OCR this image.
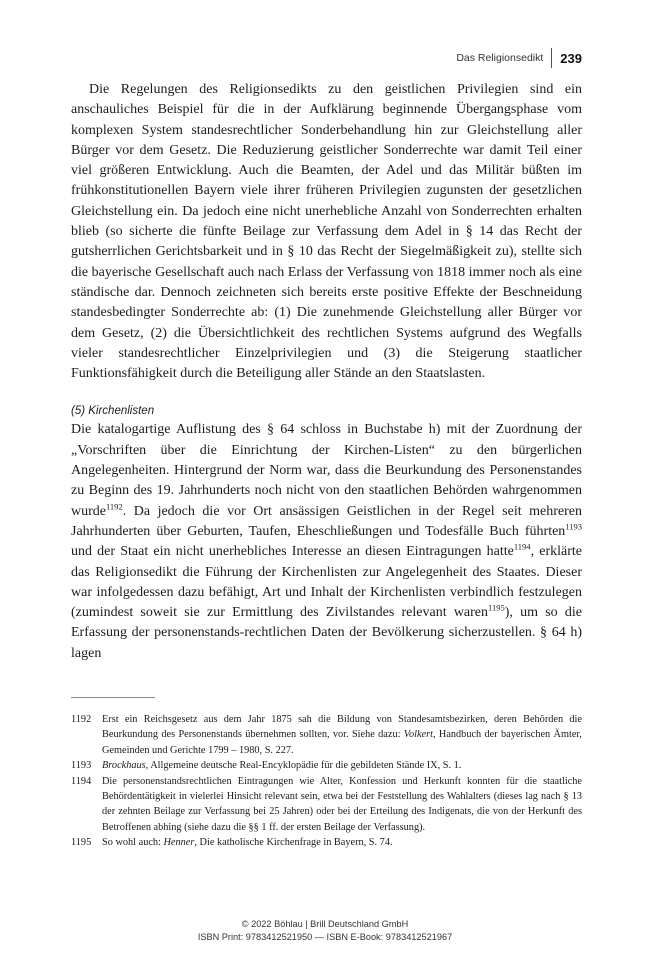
Das Religionsedikt	239

Die Regelungen des Religionsedikts zu den geistlichen Privilegien sind ein anschauliches Beispiel für die in der Aufklärung beginnende Übergangsphase vom komplexen System standesrechtlicher Sonderbehandlung hin zur Gleichstellung aller Bürger vor dem Gesetz. Die Reduzierung geistlicher Sonderrechte war damit Teil einer viel größeren Entwicklung. Auch die Beamten, der Adel und das Militär büßten im frühkonstitutionellen Bayern viele ihrer früheren Privilegien zugunsten der gesetzlichen Gleichstellung ein. Da jedoch eine nicht unerhebliche Anzahl von Sonderrechten erhalten blieb (so sicherte die fünfte Beilage zur Verfassung dem Adel in § 14 das Recht der gutsherrlichen Gerichtsbarkeit und in § 10 das Recht der Siegelmäßigkeit zu), stellte sich die bayerische Gesellschaft auch nach Erlass der Verfassung von 1818 immer noch als eine ständische dar. Dennoch zeichneten sich bereits erste positive Effekte der Beschneidung standesbedingter Sonderrechte ab: (1) Die zunehmende Gleichstellung aller Bürger vor dem Gesetz, (2) die Übersichtlichkeit des rechtlichen Systems aufgrund des Wegfalls vieler standesrechtlicher Einzelprivilegien und (3) die Steigerung staatlicher Funktionsfähigkeit durch die Beteiligung aller Stände an den Staatslasten.

(5) Kirchenlisten

Die katalogartige Auflistung des § 64 schloss in Buchstabe h) mit der Zuordnung der „Vorschriften über die Einrichtung der Kirchen-Listen“ zu den bürgerlichen Angelegenheiten. Hintergrund der Norm war, dass die Beurkundung des Personenstandes zu Beginn des 19. Jahrhunderts noch nicht von den staatlichen Behörden wahrgenommen wurde$^{1192}$. Da jedoch die vor Ort ansässigen Geistlichen in der Regel seit mehreren Jahrhunderten über Geburten, Taufen, Eheschließungen und Todesfälle Buch führten$^{1193}$ und der Staat ein nicht unerhebliches Interesse an diesen Eintragungen hatte$^{1194}$, erklärte das Religionsedikt die Führung der Kirchenlisten zur Angelegenheit des Staates. Dieser war infolgedessen dazu befähigt, Art und Inhalt der Kirchenlisten verbindlich festzulegen (zumindest soweit sie zur Ermittlung des Zivilstandes relevant waren$^{1195}$), um so die Erfassung der personenstands-rechtlichen Daten der Bevölkerung sicherzustellen. § 64 h) lagen

1192	Erst ein Reichsgesetz aus dem Jahr 1875 sah die Bildung von Standesamtsbezirken, deren Behörden die Beurkundung des Personenstands übernehmen sollten, vor. Siehe dazu: Volkert, Handbuch der bayerischen Ämter, Gemeinden und Gerichte 1799 – 1980, S. 227.
1193	Brockhaus, Allgemeine deutsche Real-Encyklopädie für die gebildeten Stände IX, S. 1.
1194	Die personenstandsrechtlichen Eintragungen wie Alter, Konfession und Herkunft konnten für die staatliche Behördentätigkeit in vielerlei Hinsicht relevant sein, etwa bei der Feststellung des Wahlalters (dieses lag nach § 13 der zehnten Beilage zur Verfassung bei 25 Jahren) oder bei der Erteilung des Indigenats, die von der Herkunft des Betroffenen abhing (siehe dazu die §§ 1 ff. der ersten Beilage der Verfassung).
1195	So wohl auch: Henner, Die katholische Kirchenfrage in Bayern, S. 74.
© 2022 Böhlau | Brill Deutschland GmbH
ISBN Print: 9783412521950 — ISBN E-Book: 9783412521967
